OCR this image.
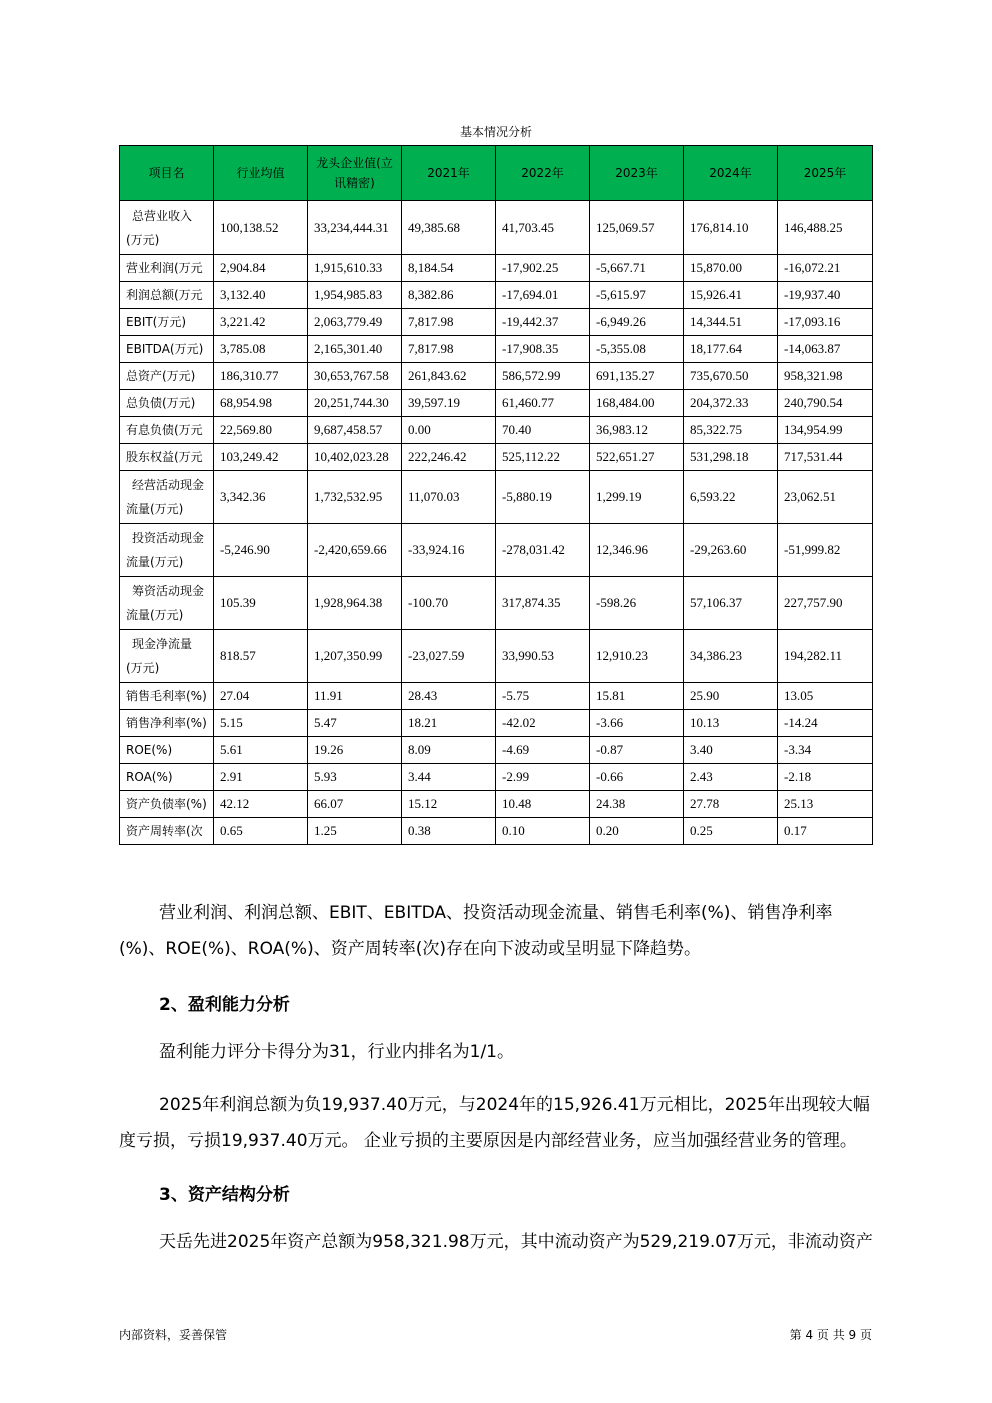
基本情况分析
项目名	行业均值	龙头企业值(立讯精密)	2021年	2022年	2023年	2024年	2025年
总营业收入(万元)	100,138.52	33,234,444.31	49,385.68	41,703.45	125,069.57	176,814.10	146,488.25
营业利润(万元	2,904.84	1,915,610.33	8,184.54	-17,902.25	-5,667.71	15,870.00	-16,072.21
利润总额(万元	3,132.40	1,954,985.83	8,382.86	-17,694.01	-5,615.97	15,926.41	-19,937.40
EBIT(万元)	3,221.42	2,063,779.49	7,817.98	-19,442.37	-6,949.26	14,344.51	-17,093.16
EBITDA(万元)	3,785.08	2,165,301.40	7,817.98	-17,908.35	-5,355.08	18,177.64	-14,063.87
总资产(万元)	186,310.77	30,653,767.58	261,843.62	586,572.99	691,135.27	735,670.50	958,321.98
总负债(万元)	68,954.98	20,251,744.30	39,597.19	61,460.77	168,484.00	204,372.33	240,790.54
有息负债(万元	22,569.80	9,687,458.57	0.00	70.40	36,983.12	85,322.75	134,954.99
股东权益(万元	103,249.42	10,402,023.28	222,246.42	525,112.22	522,651.27	531,298.18	717,531.44
经营活动现金流量(万元)	3,342.36	1,732,532.95	11,070.03	-5,880.19	1,299.19	6,593.22	23,062.51
投资活动现金流量(万元)	-5,246.90	-2,420,659.66	-33,924.16	-278,031.42	12,346.96	-29,263.60	-51,999.82
筹资活动现金流量(万元)	105.39	1,928,964.38	-100.70	317,874.35	-598.26	57,106.37	227,757.90
现金净流量(万元)	818.57	1,207,350.99	-23,027.59	33,990.53	12,910.23	34,386.23	194,282.11
销售毛利率(%)	27.04	11.91	28.43	-5.75	15.81	25.90	13.05
销售净利率(%)	5.15	5.47	18.21	-42.02	-3.66	10.13	-14.24
ROE(%)	5.61	19.26	8.09	-4.69	-0.87	3.40	-3.34
ROA(%)	2.91	5.93	3.44	-2.99	-0.66	2.43	-2.18
资产负债率(%)	42.12	66.07	15.12	10.48	24.38	27.78	25.13
资产周转率(次	0.65	1.25	0.38	0.10	0.20	0.25	0.17
营业利润、利润总额、EBIT、EBITDA、投资活动现金流量、销售毛利率(%)、销售净利率(%)、ROE(%)、ROA(%)、资产周转率(次)存在向下波动或呈明显下降趋势。
2、盈利能力分析
盈利能力评分卡得分为31，行业内排名为1/1。
2025年利润总额为负19,937.40万元，与2024年的15,926.41万元相比，2025年出现较大幅度亏损，亏损19,937.40万元。 企业亏损的主要原因是内部经营业务，应当加强经营业务的管理。
3、资产结构分析
天岳先进2025年资产总额为958,321.98万元，其中流动资产为529,219.07万元，非流动资产
内部资料，妥善保管	第 4 页 共 9 页
